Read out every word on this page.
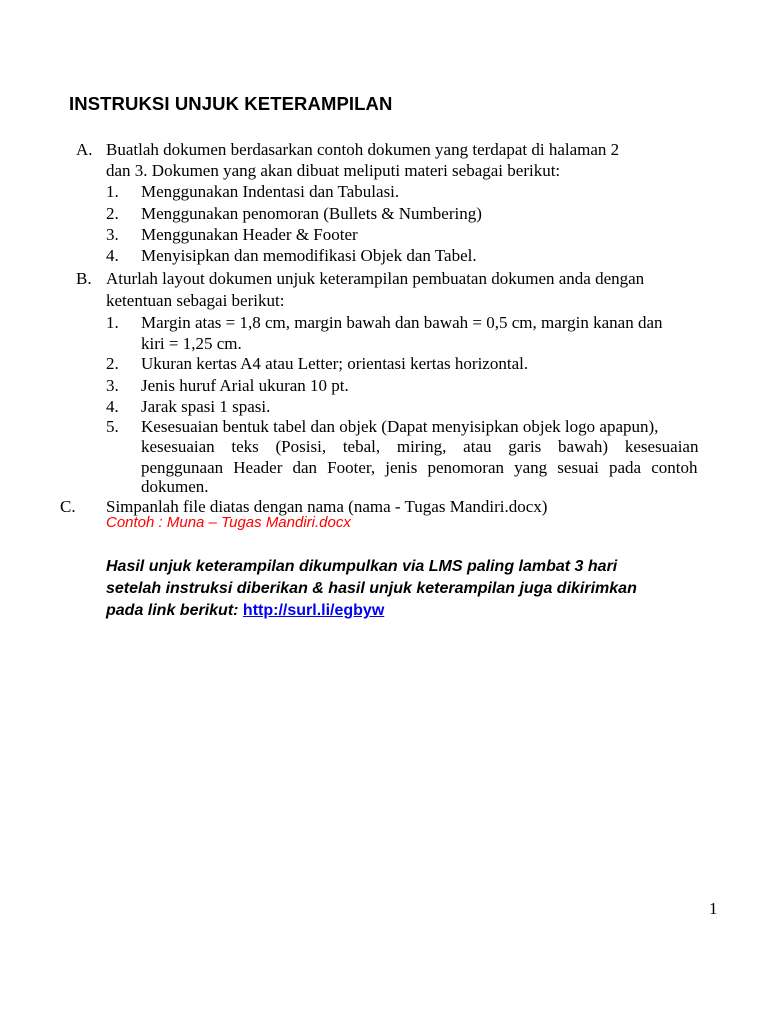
INSTRUKSI UNJUK KETERAMPILAN
A. Buatlah dokumen berdasarkan contoh dokumen yang terdapat di halaman 2
dan 3. Dokumen yang akan dibuat meliputi materi sebagai berikut:
1. Menggunakan Indentasi dan Tabulasi.
2. Menggunakan penomoran (Bullets & Numbering)
3. Menggunakan Header & Footer
4. Menyisipkan dan memodifikasi Objek dan Tabel.
B. Aturlah layout dokumen unjuk keterampilan pembuatan dokumen anda dengan
ketentuan sebagai berikut:
1. Margin atas = 1,8 cm, margin bawah dan bawah = 0,5 cm, margin kanan dan
kiri = 1,25 cm.
2. Ukuran kertas A4 atau Letter; orientasi kertas horizontal.
3. Jenis huruf Arial ukuran 10 pt.
4. Jarak spasi 1 spasi.
5. Kesesuaian bentuk tabel dan objek (Dapat menyisipkan objek logo apapun),
kesesuaian teks (Posisi, tebal, miring, atau garis bawah) kesesuaian
penggunaan Header dan Footer, jenis penomoran yang sesuai pada contoh
dokumen.
C. Simpanlah file diatas dengan nama (nama - Tugas Mandiri.docx)
Contoh : Muna – Tugas Mandiri.docx
Hasil unjuk keterampilan dikumpulkan via LMS paling lambat 3 hari
setelah instruksi diberikan & hasil unjuk keterampilan juga dikirimkan
pada link berikut: http://surl.li/egbyw
1
